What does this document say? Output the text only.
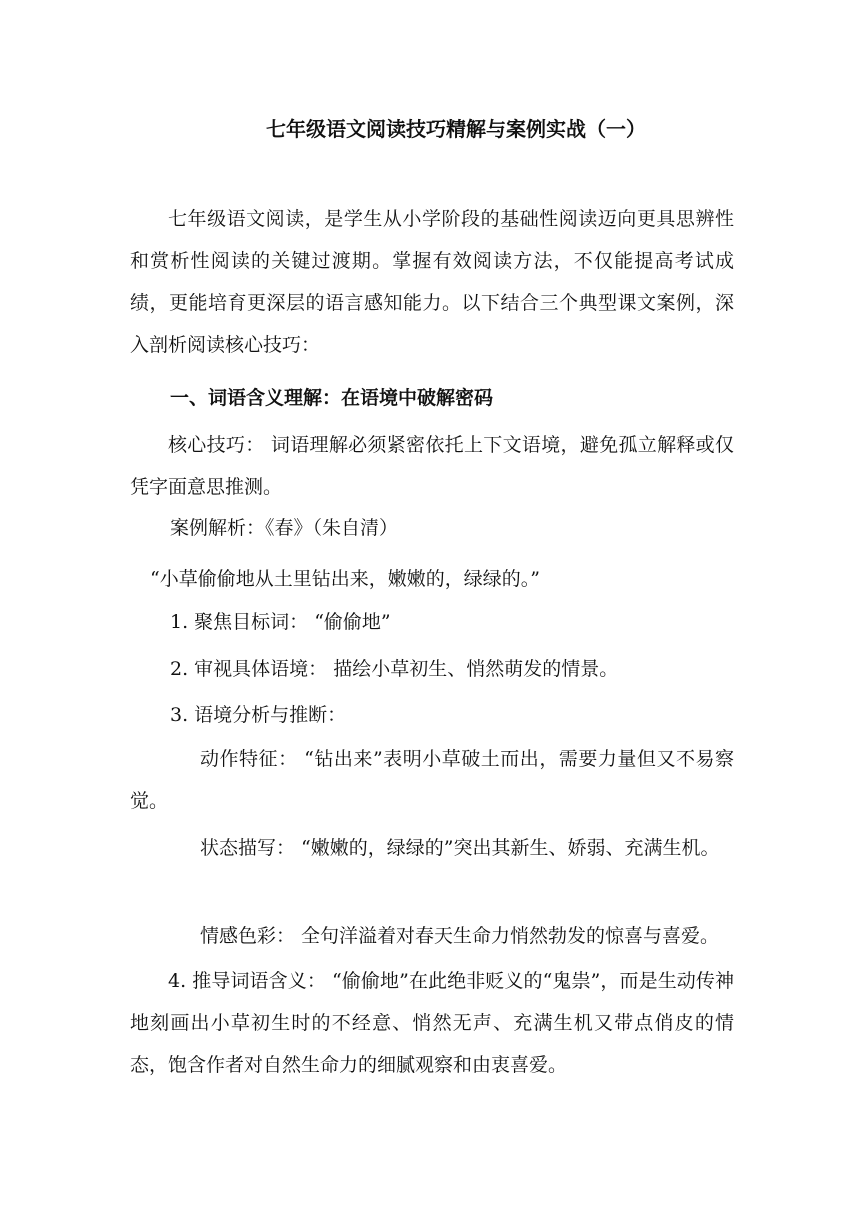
七年级语文阅读技巧精解与案例实战（一）

七年级语文阅读，是学生从小学阶段的基础性阅读迈向更具思辨性和赏析性阅读的关键过渡期。掌握有效阅读方法，不仅能提高考试成绩，更能培育更深层的语言感知能力。以下结合三个典型课文案例，深入剖析阅读核心技巧：

一、词语含义理解：在语境中破解密码

核心技巧： 词语理解必须紧密依托上下文语境，避免孤立解释或仅凭字面意思推测。

案例解析：《春》（朱自清）

“小草偷偷地从土里钻出来，嫩嫩的，绿绿的。”

1. 聚焦目标词： “偷偷地”

2. 审视具体语境： 描绘小草初生、悄然萌发的情景。

3. 语境分析与推断：

动作特征： “钻出来”表明小草破土而出，需要力量但又不易察觉。

状态描写： “嫩嫩的，绿绿的”突出其新生、娇弱、充满生机。

情感色彩： 全句洋溢着对春天生命力悄然勃发的惊喜与喜爱。

4. 推导词语含义： “偷偷地”在此绝非贬义的“鬼祟”，而是生动传神地刻画出小草初生时的不经意、悄然无声、充满生机又带点俏皮的情态，饱含作者对自然生命力的细腻观察和由衷喜爱。
